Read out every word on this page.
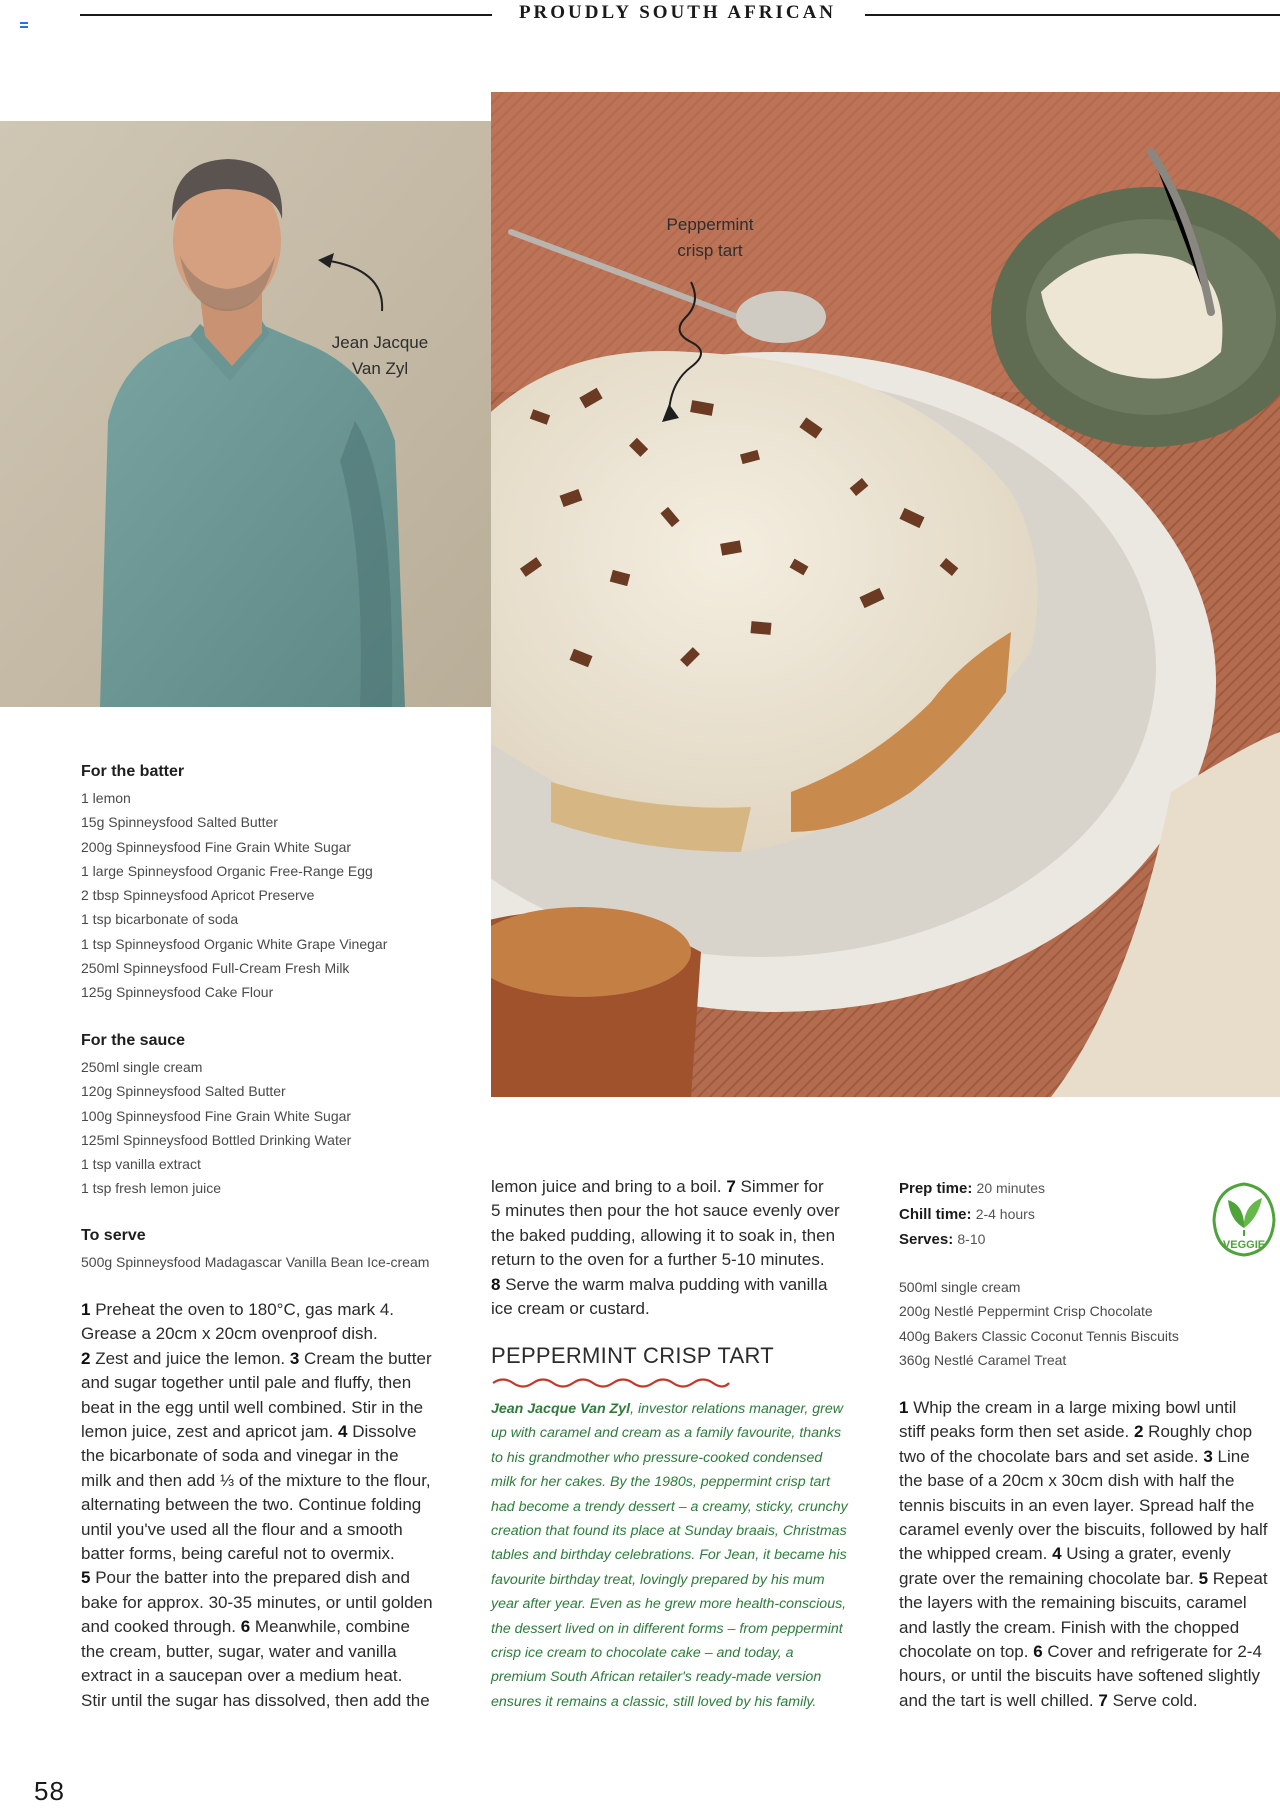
PROUDLY SOUTH AFRICAN
Jean Jacque
Van Zyl
Peppermint
crisp tart
For the batter
1 lemon
15g Spinneysfood Salted Butter
200g Spinneysfood Fine Grain White Sugar
1 large Spinneysfood Organic Free-Range Egg
2 tbsp Spinneysfood Apricot Preserve
1 tsp bicarbonate of soda
1 tsp Spinneysfood Organic White Grape Vinegar
250ml Spinneysfood Full-Cream Fresh Milk
125g Spinneysfood Cake Flour
For the sauce
250ml single cream
120g Spinneysfood Salted Butter
100g Spinneysfood Fine Grain White Sugar
125ml Spinneysfood Bottled Drinking Water
1 tsp vanilla extract
1 tsp fresh lemon juice
To serve
500g Spinneysfood Madagascar Vanilla Bean Ice-cream
1 Preheat the oven to 180°C, gas mark 4.
Grease a 20cm x 20cm ovenproof dish.
2 Zest and juice the lemon. 3 Cream the butter
and sugar together until pale and fluffy, then
beat in the egg until well combined. Stir in the
lemon juice, zest and apricot jam. 4 Dissolve
the bicarbonate of soda and vinegar in the
milk and then add ⅓ of the mixture to the flour,
alternating between the two. Continue folding
until you've used all the flour and a smooth
batter forms, being careful not to overmix.
5 Pour the batter into the prepared dish and
bake for approx. 30-35 minutes, or until golden
and cooked through. 6 Meanwhile, combine
the cream, butter, sugar, water and vanilla
extract in a saucepan over a medium heat.
Stir until the sugar has dissolved, then add the
lemon juice and bring to a boil. 7 Simmer for
5 minutes then pour the hot sauce evenly over
the baked pudding, allowing it to soak in, then
return to the oven for a further 5-10 minutes.
8 Serve the warm malva pudding with vanilla
ice cream or custard.
PEPPERMINT CRISP TART
Jean Jacque Van Zyl, investor relations manager, grew
up with caramel and cream as a family favourite, thanks
to his grandmother who pressure-cooked condensed
milk for her cakes. By the 1980s, peppermint crisp tart
had become a trendy dessert – a creamy, sticky, crunchy
creation that found its place at Sunday braais, Christmas
tables and birthday celebrations. For Jean, it became his
favourite birthday treat, lovingly prepared by his mum
year after year. Even as he grew more health-conscious,
the dessert lived on in different forms – from peppermint
crisp ice cream to chocolate cake – and today, a
premium South African retailer's ready-made version
ensures it remains a classic, still loved by his family.
Prep time: 20 minutes
Chill time: 2-4 hours
Serves: 8-10	VEGGIE
500ml single cream
200g Nestlé Peppermint Crisp Chocolate
400g Bakers Classic Coconut Tennis Biscuits
360g Nestlé Caramel Treat
1 Whip the cream in a large mixing bowl until
stiff peaks form then set aside. 2 Roughly chop
two of the chocolate bars and set aside. 3 Line
the base of a 20cm x 30cm dish with half the
tennis biscuits in an even layer. Spread half the
caramel evenly over the biscuits, followed by half
the whipped cream. 4 Using a grater, evenly
grate over the remaining chocolate bar. 5 Repeat
the layers with the remaining biscuits, caramel
and lastly the cream. Finish with the chopped
chocolate on top. 6 Cover and refrigerate for 2-4
hours, or until the biscuits have softened slightly
and the tart is well chilled. 7 Serve cold.
58
